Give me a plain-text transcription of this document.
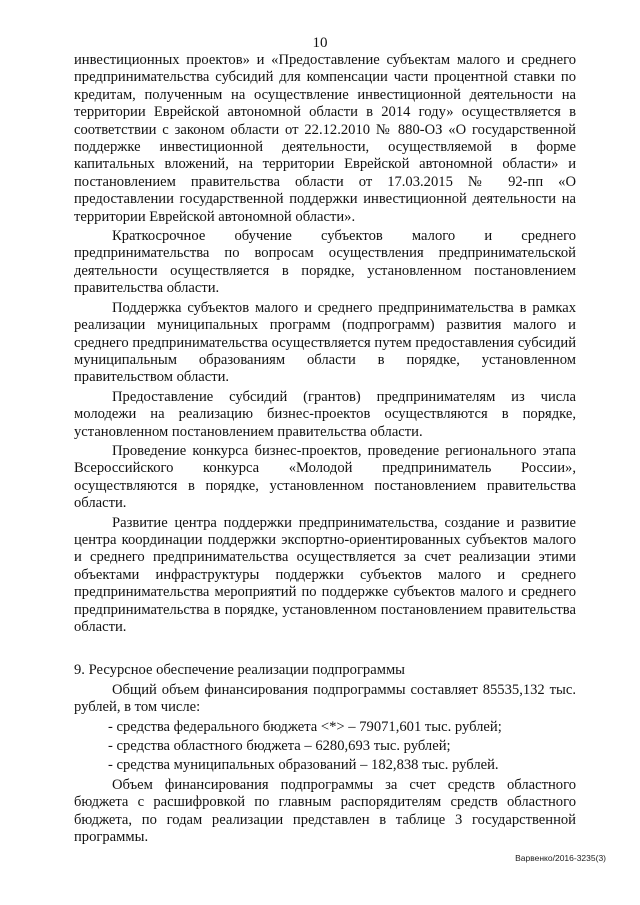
10

инвестиционных проектов» и «Предоставление субъектам малого и среднего предпринимательства субсидий для компенсации части процентной ставки по кредитам, полученным на осуществление инвестиционной деятельности на территории Еврейской автономной области в 2014 году» осуществляется в соответствии с законом области от 22.12.2010 № 880-ОЗ «О государственной поддержке инвестиционной деятельности, осуществляемой в форме капитальных вложений, на территории Еврейской автономной области» и постановлением правительства области от 17.03.2015 № 92-пп «О предоставлении государственной поддержки инвестиционной деятельности на территории Еврейской автономной области».

Краткосрочное обучение субъектов малого и среднего предпринимательства по вопросам осуществления предпринимательской деятельности осуществляется в порядке, установленном постановлением правительства области.

Поддержка субъектов малого и среднего предпринимательства в рамках реализации муниципальных программ (подпрограмм) развития малого и среднего предпринимательства осуществляется путем предоставления субсидий муниципальным образованиям области в порядке, установленном правительством области.

Предоставление субсидий (грантов) предпринимателям из числа молодежи на реализацию бизнес-проектов осуществляются в порядке, установленном постановлением правительства области.

Проведение конкурса бизнес-проектов, проведение регионального этапа Всероссийского конкурса «Молодой предприниматель России», осуществляются в порядке, установленном постановлением правительства области.

Развитие центра поддержки предпринимательства, создание и развитие центра координации поддержки экспортно-ориентированных субъектов малого и среднего предпринимательства осуществляется за счет реализации этими объектами инфраструктуры поддержки субъектов малого и среднего предпринимательства мероприятий по поддержке субъектов малого и среднего предпринимательства в порядке, установленном постановлением правительства области.

9. Ресурсное обеспечение реализации подпрограммы

Общий объем финансирования подпрограммы составляет 85535,132 тыс. рублей, в том числе:

- средства федерального бюджета <*> – 79071,601 тыс. рублей;

- средства областного бюджета – 6280,693 тыс. рублей;

- средства муниципальных образований – 182,838 тыс. рублей.

Объем финансирования подпрограммы за счет средств областного бюджета с расшифровкой по главным распорядителям средств областного бюджета, по годам реализации представлен в таблице 3 государственной программы.

Варвенко/2016-3235(3)
